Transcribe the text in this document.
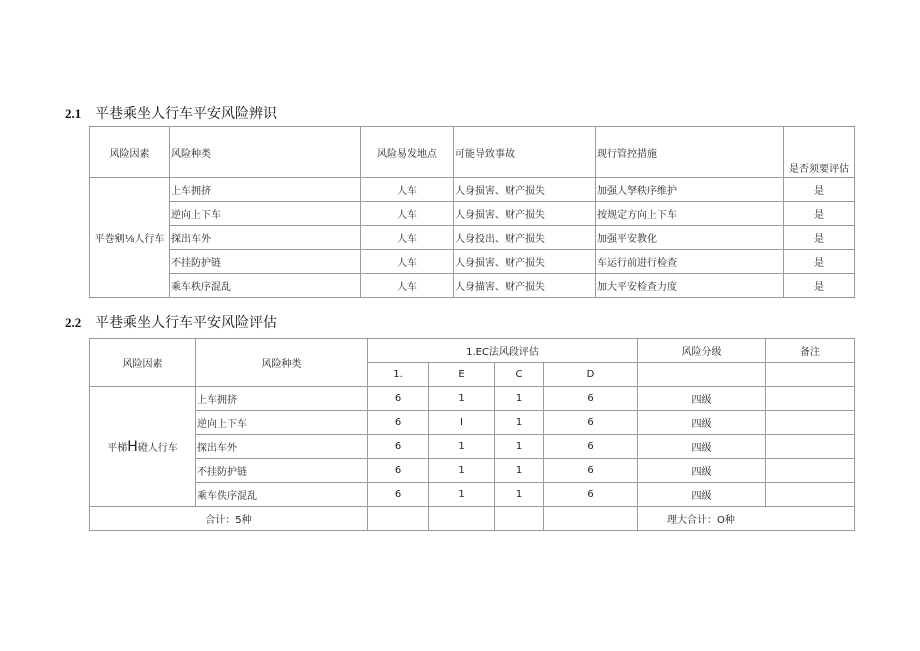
2.1 平巷乘坐人行车平安风险辨识
风险因素	风险种类	风险易发地点	可能导致事故	现行管控措施	是否须要评估
平巻剜⅛人行车	上车拥挤	人车	人身损害、财产损失	加强人孥秩序维护	是
	逆向上下车	人车	人身损害、财产损失	按规定方向上下车	是
	探出车外	人车	人身投出、财产损失	加强平安教化	是
	不挂防护链	人车	人身损害、财产损失	车运行前进行检查	是
	乘车秩序混乱	人车	人身描害、财产损失	加大平安检查力度	是
2.2 平巷乘坐人行车平安风险评估
风险因素	风险种类	1.EC法风段评估				风险分级	备注
		1.	E	C	D		
平梯H磴人行车	上车拥挤	6	1	1	6	四级	
	逆向上下车	6	I	1	6	四级	
	探出车外	6	1	1	6	四级	
	不挂防护链	6	1	1	6	四级	
	乘车佚序混乱	6	1	1	6	四级	
合计：5种						理大合计：O种	
